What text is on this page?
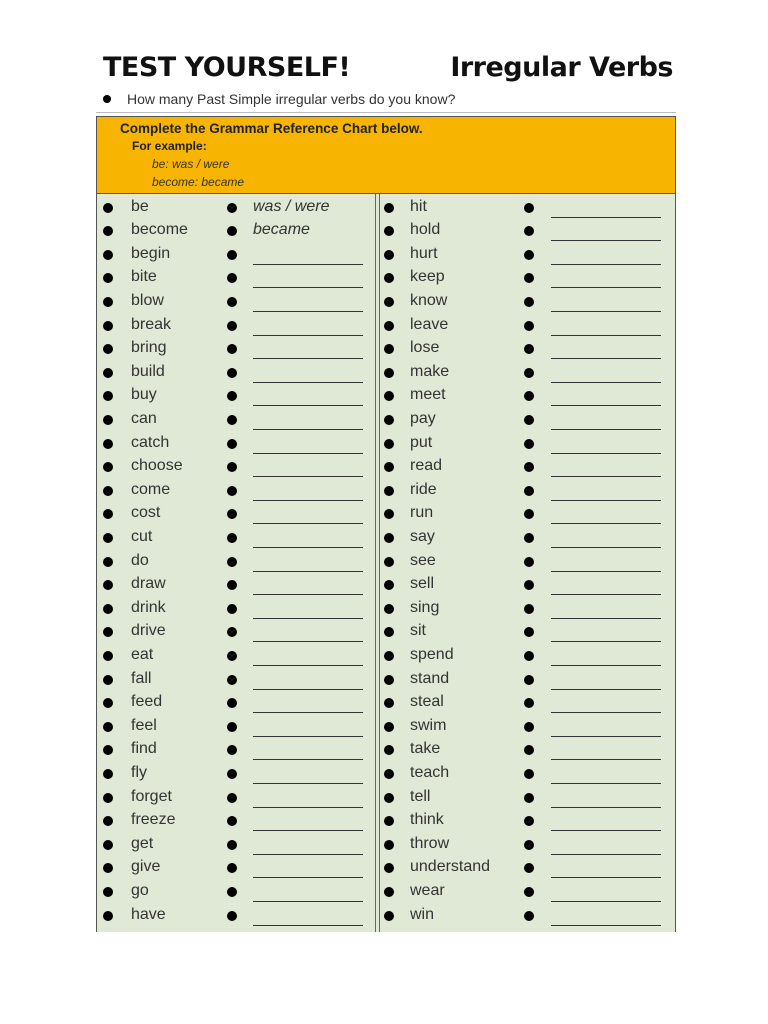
TEST YOURSELF!	Irregular Verbs
How many Past Simple irregular verbs do you know?
Complete the Grammar Reference Chart below.
For example:
be: was / were
become: became
be	was / were
become	became
begin
bite
blow
break
bring
build
buy
can
catch
choose
come
cost
cut
do
draw
drink
drive
eat
fall
feed
feel
find
fly
forget
freeze
get
give
go
have
hit
hold
hurt
keep
know
leave
lose
make
meet
pay
put
read
ride
run
say
see
sell
sing
sit
spend
stand
steal
swim
take
teach
tell
think
throw
understand
wear
win
